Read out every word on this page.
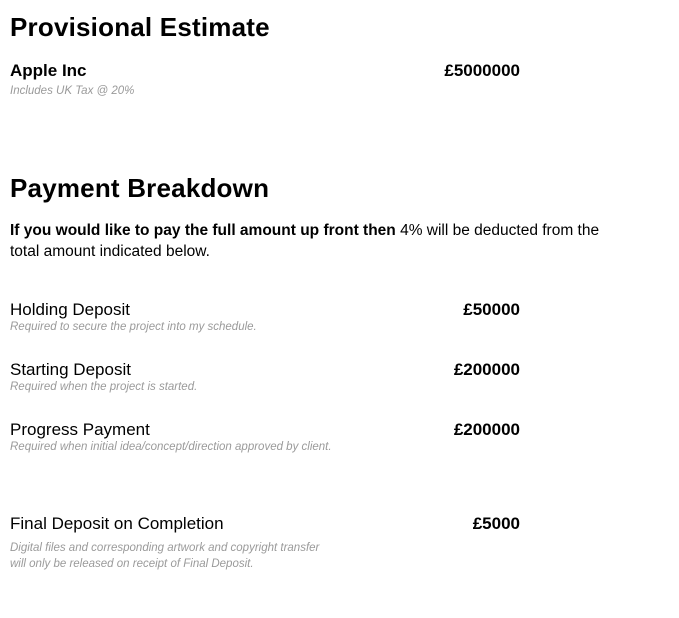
Provisional Estimate
Apple Inc	£5000000
Includes UK Tax @ 20%
Payment Breakdown
If you would like to pay the full amount up front then 4% will be deducted from the total amount indicated below.
Holding Deposit	£50000
Required to secure the project into my schedule.
Starting Deposit	£200000
Required when the project is started.
Progress Payment	£200000
Required when initial idea/concept/direction approved by client.
Final Deposit on Completion	£5000
Digital files and corresponding artwork and copyright transfer
will only be released on receipt of Final Deposit.
